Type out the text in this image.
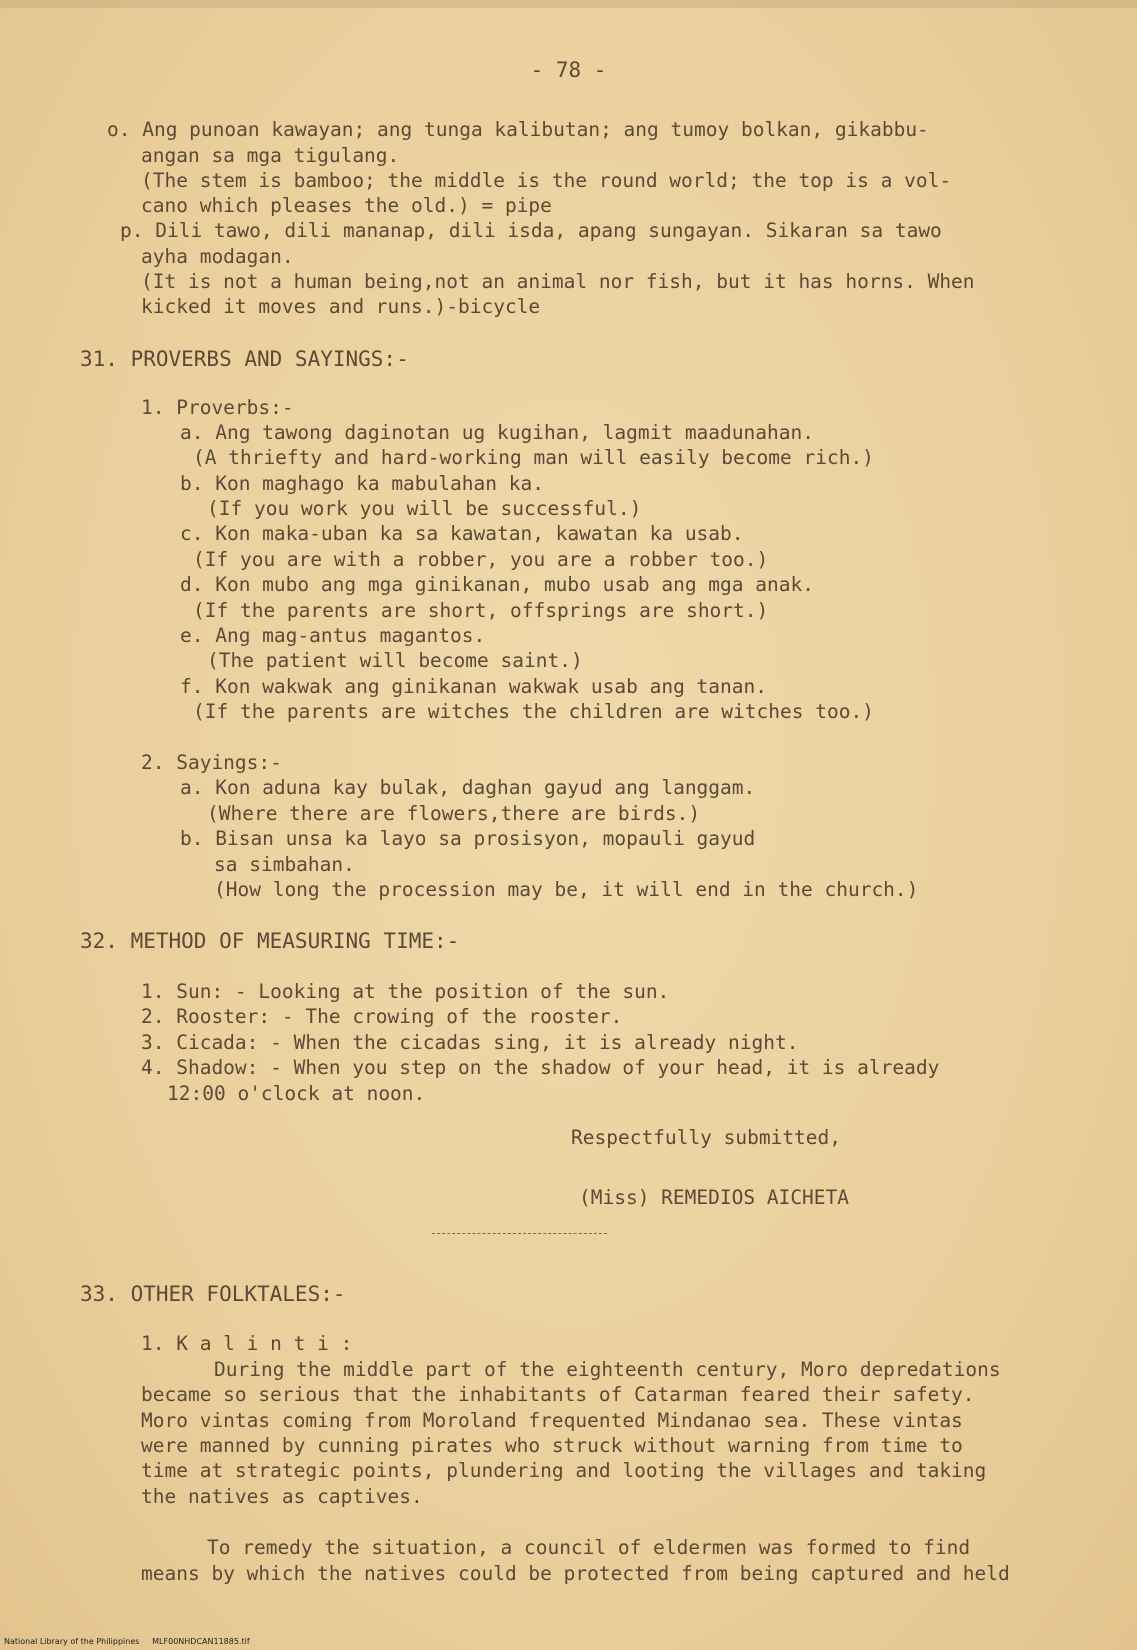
- 78 -
o. Ang punoan kawayan; ang tunga kalibutan; ang tumoy bolkan, gikabbu-
angan sa mga tigulang.
(The stem is bamboo; the middle is the round world; the top is a vol-
cano which pleases the old.) = pipe
p. Dili tawo, dili mananap, dili isda, apang sungayan. Sikaran sa tawo
ayha modagan.
(It is not a human being,not an animal nor fish, but it has horns. When
kicked it moves and runs.)-bicycle
31. PROVERBS AND SAYINGS:-
1. Proverbs:-
a. Ang tawong daginotan ug kugihan, lagmit maadunahan.
(A thriefty and hard-working man will easily become rich.)
b. Kon maghago ka mabulahan ka.
(If you work you will be successful.)
c. Kon maka-uban ka sa kawatan, kawatan ka usab.
(If you are with a robber, you are a robber too.)
d. Kon mubo ang mga ginikanan, mubo usab ang mga anak.
(If the parents are short, offsprings are short.)
e. Ang mag-antus magantos.
(The patient will become saint.)
f. Kon wakwak ang ginikanan wakwak usab ang tanan.
(If the parents are witches the children are witches too.)
2. Sayings:-
a. Kon aduna kay bulak, daghan gayud ang langgam.
(Where there are flowers,there are birds.)
b. Bisan unsa ka layo sa prosisyon, mopauli gayud
sa simbahan.
(How long the procession may be, it will end in the church.)
32. METHOD OF MEASURING TIME:-
1. Sun: - Looking at the position of the sun.
2. Rooster: - The crowing of the rooster.
3. Cicada: - When the cicadas sing, it is already night.
4. Shadow: - When you step on the shadow of your head, it is already
12:00 o'clock at noon.
Respectfully submitted,
(Miss) REMEDIOS AICHETA
33. OTHER FOLKTALES:-
1. K a l i n t i :
During the middle part of the eighteenth century, Moro depredations
became so serious that the inhabitants of Catarman feared their safety.
Moro vintas coming from Moroland frequented Mindanao sea. These vintas
were manned by cunning pirates who struck without warning from time to
time at strategic points, plundering and looting the villages and taking
the natives as captives.
To remedy the situation, a council of eldermen was formed to find
means by which the natives could be protected from being captured and held
National Library of the Philippines     MLF00NHDCAN11885.tif
